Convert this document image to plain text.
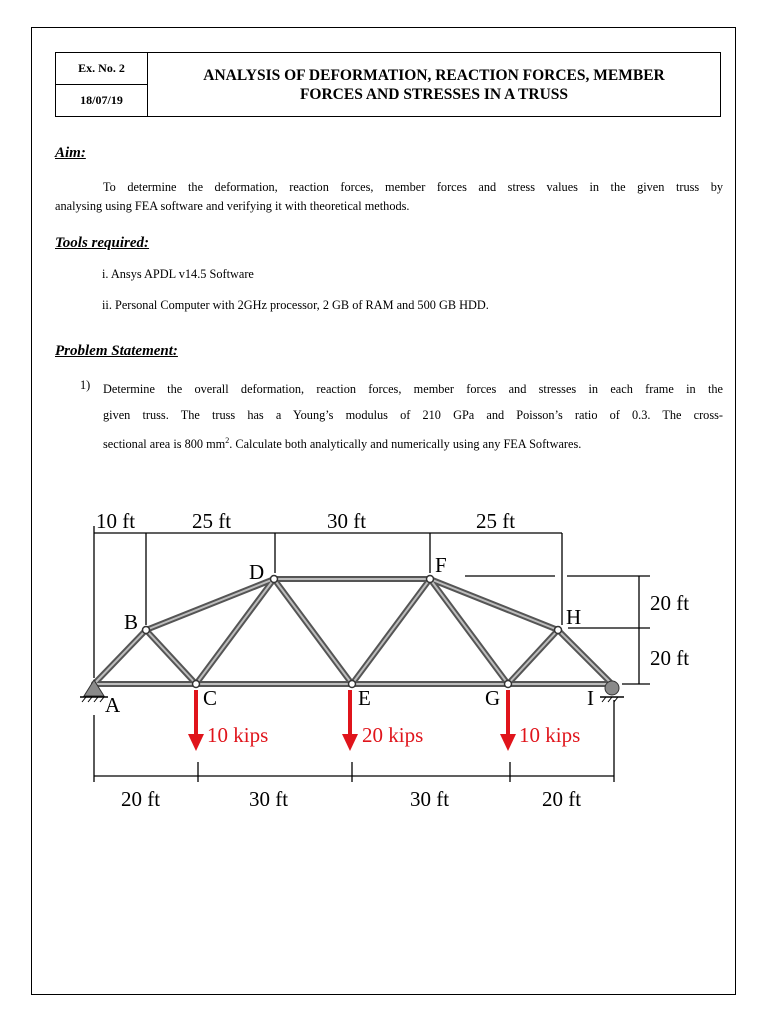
Ex. No. 2
18/07/19
ANALYSIS OF DEFORMATION, REACTION FORCES, MEMBER
FORCES AND STRESSES IN A TRUSS
Aim:
To determine the deformation, reaction forces, member forces and stress values in the given truss by
analysing using FEA software and verifying it with theoretical methods.
Tools required:
i. Ansys APDL v14.5 Software
ii. Personal Computer with 2GHz processor, 2 GB of RAM and 500 GB HDD.
Problem Statement:
1) Determine the overall deformation, reaction forces, member forces and stresses in each frame in the
given truss. The truss has a Young’s modulus of 210 GPa and Poisson’s ratio of 0.3. The cross-
sectional area is 800 $mm^2$. Calculate both analytically and numerically using any FEA Softwares.
10 ft	25 ft	30 ft	25 ft
20 ft
20 ft
20 ft	30 ft	30 ft	20 ft
A
B
C
D
E
F
G
H
I
10 kips	20 kips	10 kips
